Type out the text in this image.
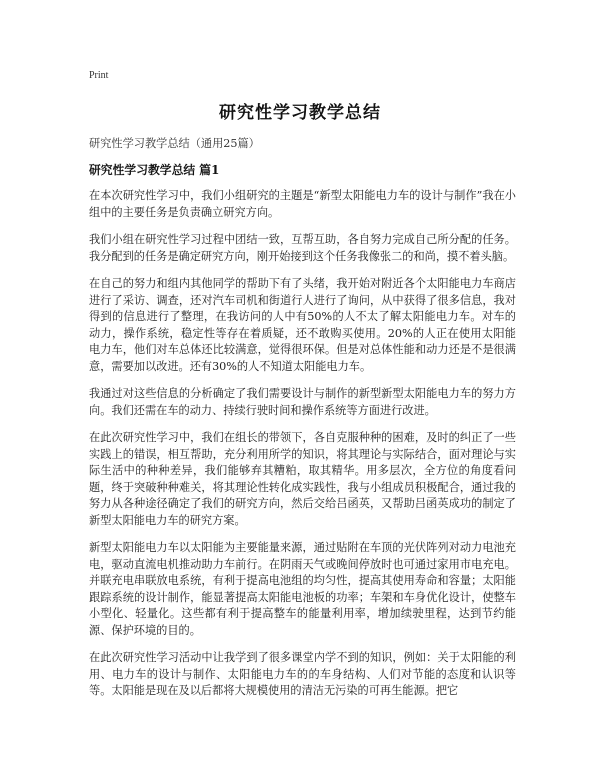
Print
研究性学习教学总结

研究性学习教学总结（通用25篇）

研究性学习教学总结 篇1

在本次研究性学习中，我们小组研究的主题是“新型太阳能电力车的设计与制作”我在小组中的主要任务是负责确立研究方向。

我们小组在研究性学习过程中团结一致，互帮互助，各自努力完成自己所分配的任务。我分配到的任务是确定研究方向，刚开始接到这个任务我像张二的和尚，摸不着头脑。

在自己的努力和组内其他同学的帮助下有了头绪，我开始对附近各个太阳能电力车商店进行了采访、调查，还对汽车司机和街道行人进行了询问，从中获得了很多信息，我对得到的信息进行了整理，在我访问的人中有50%的人不太了解太阳能电力车。对车的动力，操作系统，稳定性等存在着质疑，还不敢购买使用。20%的人正在使用太阳能电力车，他们对车总体还比较满意，觉得很环保。但是对总体性能和动力还是不是很满意，需要加以改进。还有30%的人不知道太阳能电力车。

我通过对这些信息的分析确定了我们需要设计与制作的新型新型太阳能电力车的努力方向。我们还需在车的动力、持续行驶时间和操作系统等方面进行改进。

在此次研究性学习中，我们在组长的带领下，各自克服种种的困难，及时的纠正了一些实践上的错误，相互帮助，充分利用所学的知识，将其理论与实际结合，面对理论与实际生活中的种种差异，我们能够弃其糟粕，取其精华。用多层次，全方位的角度看问题，终于突破种种难关，将其理论性转化成实践性，我与小组成员积极配合，通过我的努力从各种途径确定了我们的研究方向，然后交给吕函英，又帮助吕函英成功的制定了新型太阳能电力车的研究方案。

新型太阳能电力车以太阳能为主要能量来源，通过贴附在车顶的光伏阵列对动力电池充电，驱动直流电机推动助力车前行。在阴雨天气或晚间停放时也可通过家用市电充电。并联充电串联放电系统，有利于提高电池组的均匀性，提高其使用寿命和容量；太阳能跟踪系统的设计制作，能显著提高太阳能电池板的功率；车架和车身优化设计，使整车小型化、轻量化。这些都有利于提高整车的能量利用率，增加续驶里程，达到节约能源、保护环境的目的。

在此次研究性学习活动中让我学到了很多课堂内学不到的知识，例如：关于太阳能的利用、电力车的设计与制作、太阳能电力车的的车身结构、人们对节能的态度和认识等等。太阳能是现在及以后都将大规模使用的清洁无污染的可再生能源。把它
